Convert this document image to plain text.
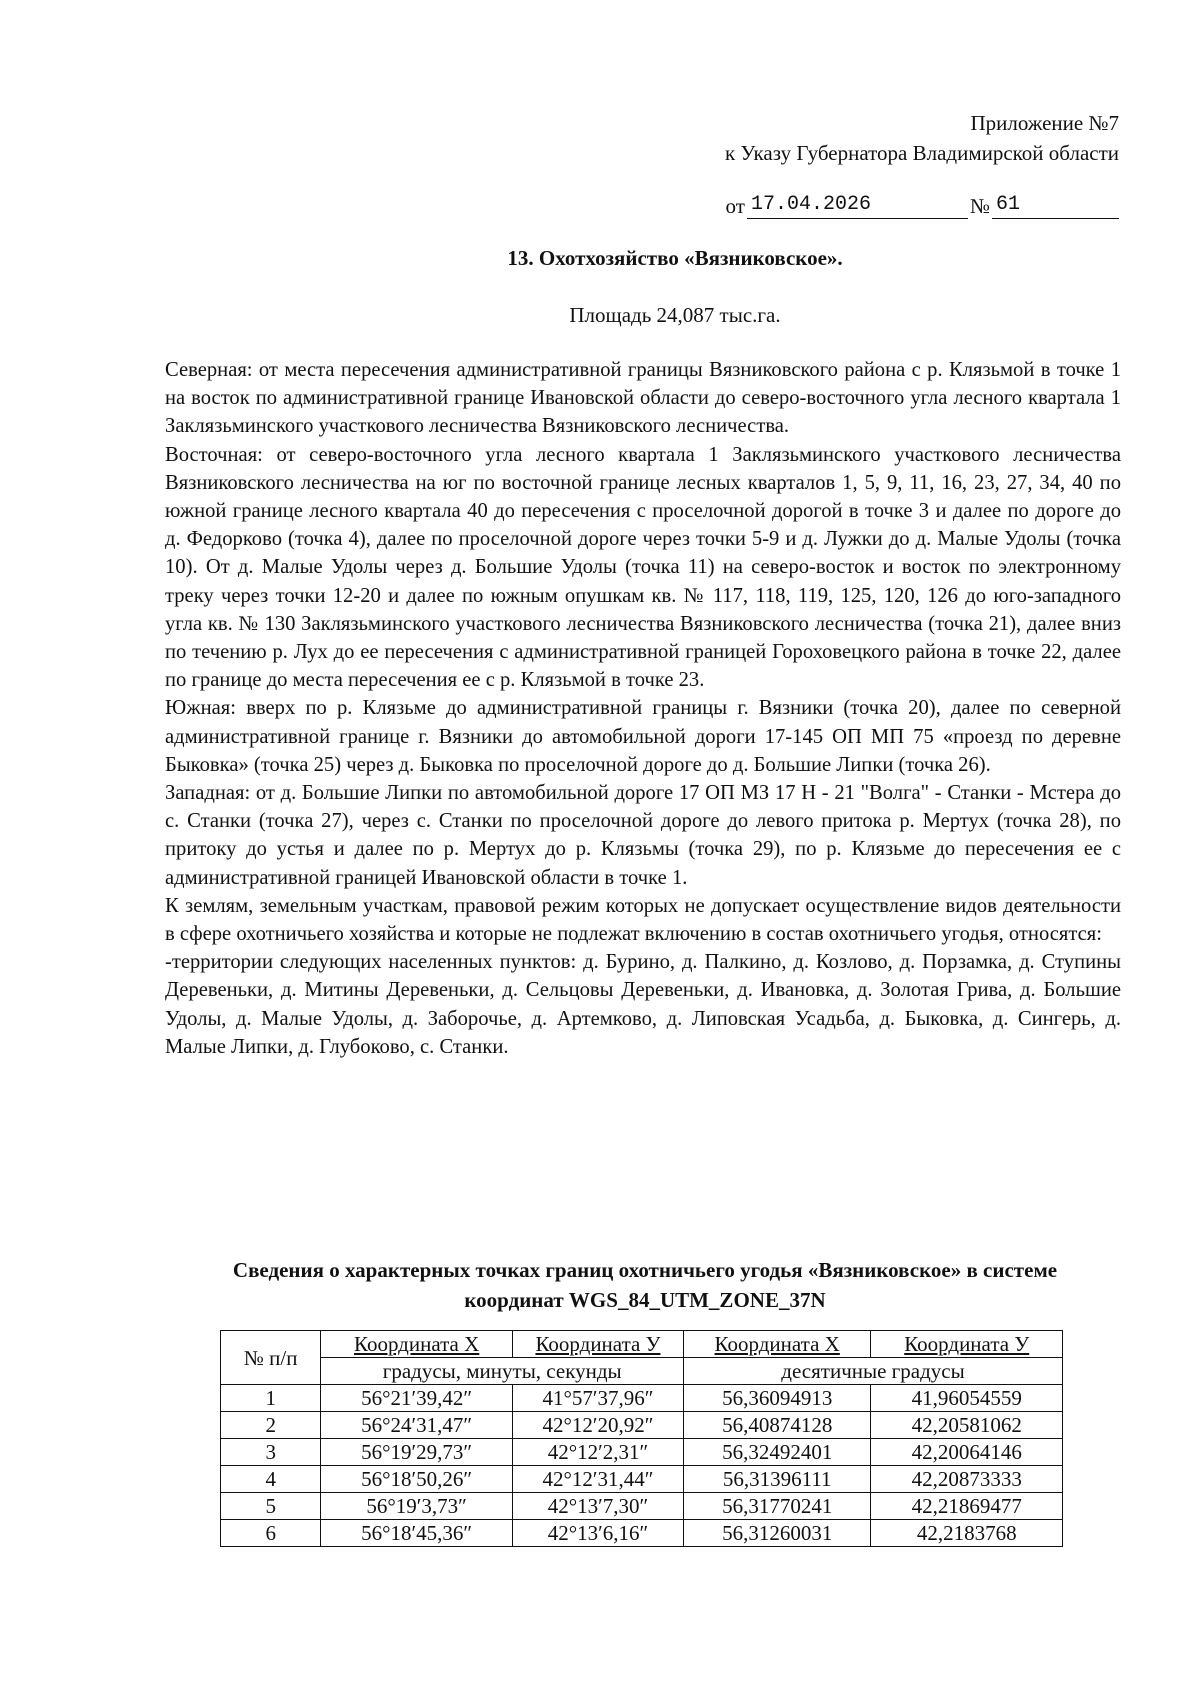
Приложение №7
к Указу Губернатора Владимирской области
от 17.04.2026	№ 61
13. Охотхозяйство «Вязниковское».
Площадь 24,087 тыс.га.

Северная: от места пересечения административной границы Вязниковского района с р. Клязьмой в точке 1 на восток по административной границе Ивановской области до северо-восточного угла лесного квартала 1 Заклязьминского участкового лесничества Вязниковского лесничества.

Восточная: от северо-восточного угла лесного квартала 1 Заклязьминского участкового лесничества Вязниковского лесничества на юг по восточной границе лесных кварталов 1, 5, 9, 11, 16, 23, 27, 34, 40 по южной границе лесного квартала 40 до пересечения с проселочной дорогой в точке 3 и далее по дороге до д. Федорково (точка 4), далее по проселочной дороге через точки 5-9 и д. Лужки до д. Малые Удолы (точка 10). От д. Малые Удолы через д. Большие Удолы (точка 11) на северо-восток и восток по электронному треку через точки 12-20 и далее по южным опушкам кв. № 117, 118, 119, 125, 120, 126 до юго-западного угла кв. № 130 Заклязьминского участкового лесничества Вязниковского лесничества (точка 21), далее вниз по течению р. Лух до ее пересечения с административной границей Гороховецкого района в точке 22, далее по границе до места пересечения ее с р. Клязьмой в точке 23.

Южная: вверх по р. Клязьме до административной границы г. Вязники (точка 20), далее по северной административной границе г. Вязники до автомобильной дороги 17-145 ОП МП 75 «проезд по деревне Быковка» (точка 25) через д. Быковка по проселочной дороге до д. Большие Липки (точка 26).

Западная: от д. Большие Липки по автомобильной дороге 17 ОП МЗ 17 Н - 21 "Волга" - Станки - Мстера до с. Станки (точка 27), через с. Станки по проселочной дороге до левого притока р. Мертух (точка 28), по притоку до устья и далее по р. Мертух до р. Клязьмы (точка 29), по р. Клязьме до пересечения ее с административной границей Ивановской области в точке 1.

К землям, земельным участкам, правовой режим которых не допускает осуществление видов деятельности в сфере охотничьего хозяйства и которые не подлежат включению в состав охотничьего угодья, относятся:

-территории следующих населенных пунктов: д. Бурино, д. Палкино, д. Козлово, д. Порзамка, д. Ступины Деревеньки, д. Митины Деревеньки, д. Сельцовы Деревеньки, д. Ивановка, д. Золотая Грива, д. Большие Удолы, д. Малые Удолы, д. Заборочье, д. Артемково, д. Липовская Усадьба, д. Быковка, д. Сингерь, д. Малые Липки, д. Глубоково, с. Станки.

Сведения о характерных точках границ охотничьего угодья «Вязниковское» в системе
координат WGS_84_UTM_ZONE_37N
№ п/п	Координата X	Координата У	Координата X	Координата У
	градусы, минуты, секунды		десятичные градусы	
1	56°21′39,42″	41°57′37,96″	56,36094913	41,96054559
2	56°24′31,47″	42°12′20,92″	56,40874128	42,20581062
3	56°19′29,73″	42°12′2,31″	56,32492401	42,20064146
4	56°18′50,26″	42°12′31,44″	56,31396111	42,20873333
5	56°19′3,73″	42°13′7,30″	56,31770241	42,21869477
6	56°18′45,36″	42°13′6,16″	56,31260031	42,2183768
